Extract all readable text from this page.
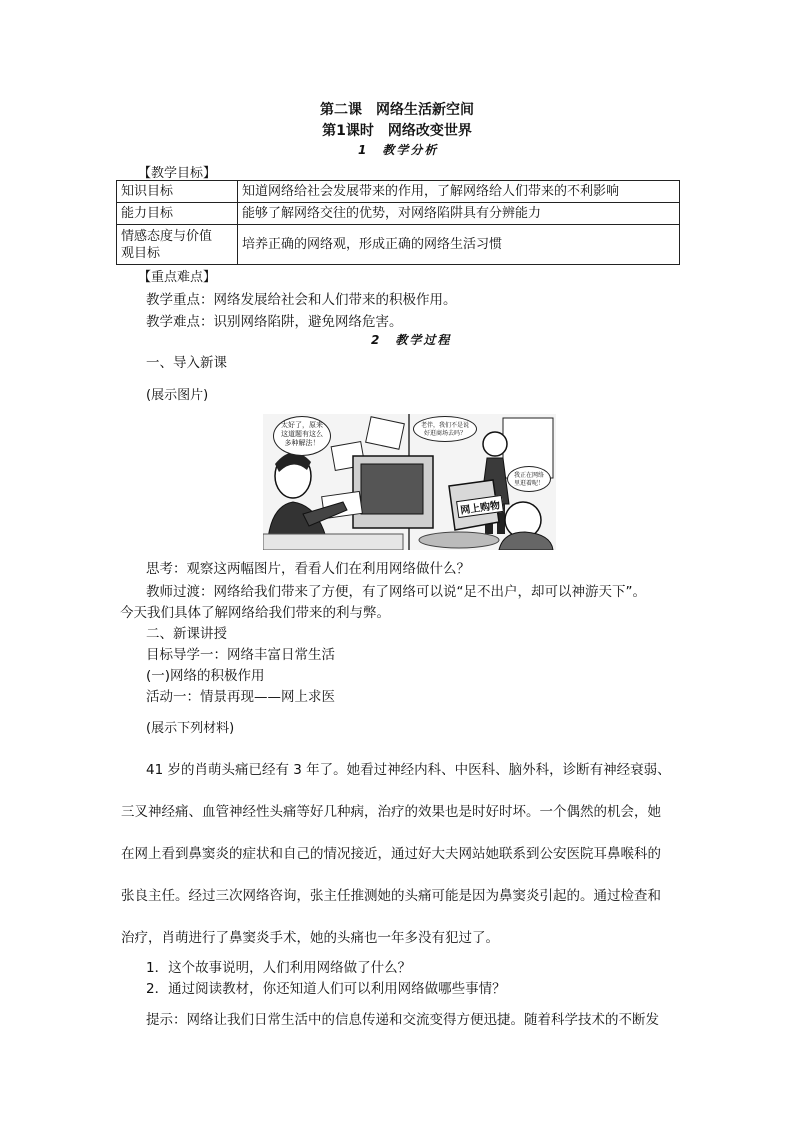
第二课　网络生活新空间
第1课时　网络改变世界
1　教学分析
【教学目标】
知识目标	知道网络给社会发展带来的作用，了解网络给人们带来的不利影响
能力目标	能够了解网络交往的优势，对网络陷阱具有分辨能力

情感态度与价值
观目标	培养正确的网络观，形成正确的网络生活习惯
【重点难点】
教学重点：网络发展给社会和人们带来的积极作用。
教学难点：识别网络陷阱，避免网络危害。
2　教学过程
一、导入新课
(展示图片)
太好了，原来
这道题有这么
多种解法！
老伴，我们不是说
好逛商场去吗？
我正在网络
里逛着呢！
网上购物
思考：观察这两幅图片，看看人们在利用网络做什么？
教师过渡：网络给我们带来了方便，有了网络可以说“足不出户，却可以神游天下”。
今天我们具体了解网络给我们带来的利与弊。
二、新课讲授
目标导学一：网络丰富日常生活
(一)网络的积极作用
活动一：情景再现——网上求医
(展示下列材料)
41 岁的肖萌头痛已经有 3 年了。她看过神经内科、中医科、脑外科，诊断有神经衰弱、
三叉神经痛、血管神经性头痛等好几种病，治疗的效果也是时好时坏。一个偶然的机会，她
在网上看到鼻窦炎的症状和自己的情况接近，通过好大夫网站她联系到公安医院耳鼻喉科的
张良主任。经过三次网络咨询，张主任推测她的头痛可能是因为鼻窦炎引起的。通过检查和
治疗，肖萌进行了鼻窦炎手术，她的头痛也一年多没有犯过了。
1．这个故事说明，人们利用网络做了什么？
2．通过阅读教材，你还知道人们可以利用网络做哪些事情？
提示：网络让我们日常生活中的信息传递和交流变得方便迅捷。随着科学技术的不断发
